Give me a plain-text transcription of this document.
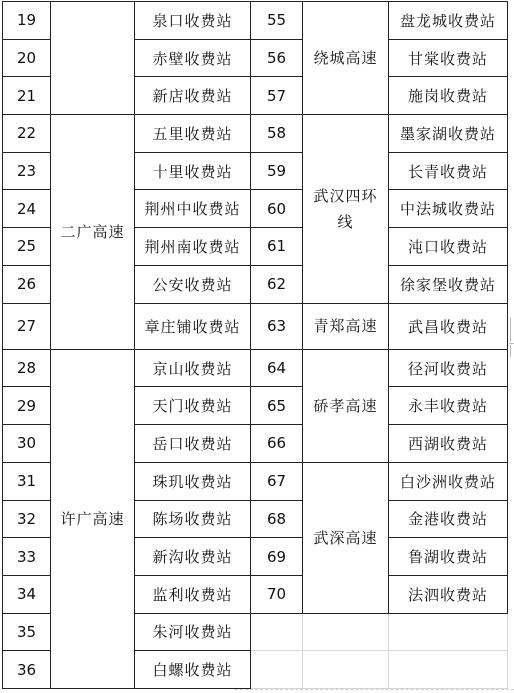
19		泉口收费站	55	绕城高速	盘龙城收费站
20		赤壁收费站	56		甘棠收费站
21		新店收费站	57		施岗收费站
22	二广高速	五里收费站	58	武汉四环线	墨家湖收费站
23		十里收费站	59		长青收费站
24		荆州中收费站	60		中法城收费站
25		荆州南收费站	61		沌口收费站
26		公安收费站	62		徐家堡收费站
27		章庄铺收费站	63	青郑高速	武昌收费站
28	许广高速	京山收费站	64	硚孝高速	径河收费站
29		天门收费站	65		永丰收费站
30		岳口收费站	66		西湖收费站
31		珠玑收费站	67	武深高速	白沙洲收费站
32		陈场收费站	68		金港收费站
33		新沟收费站	69		鲁湖收费站
34		监利收费站	70		法泗收费站
35		朱河收费站			
36		白螺收费站			
